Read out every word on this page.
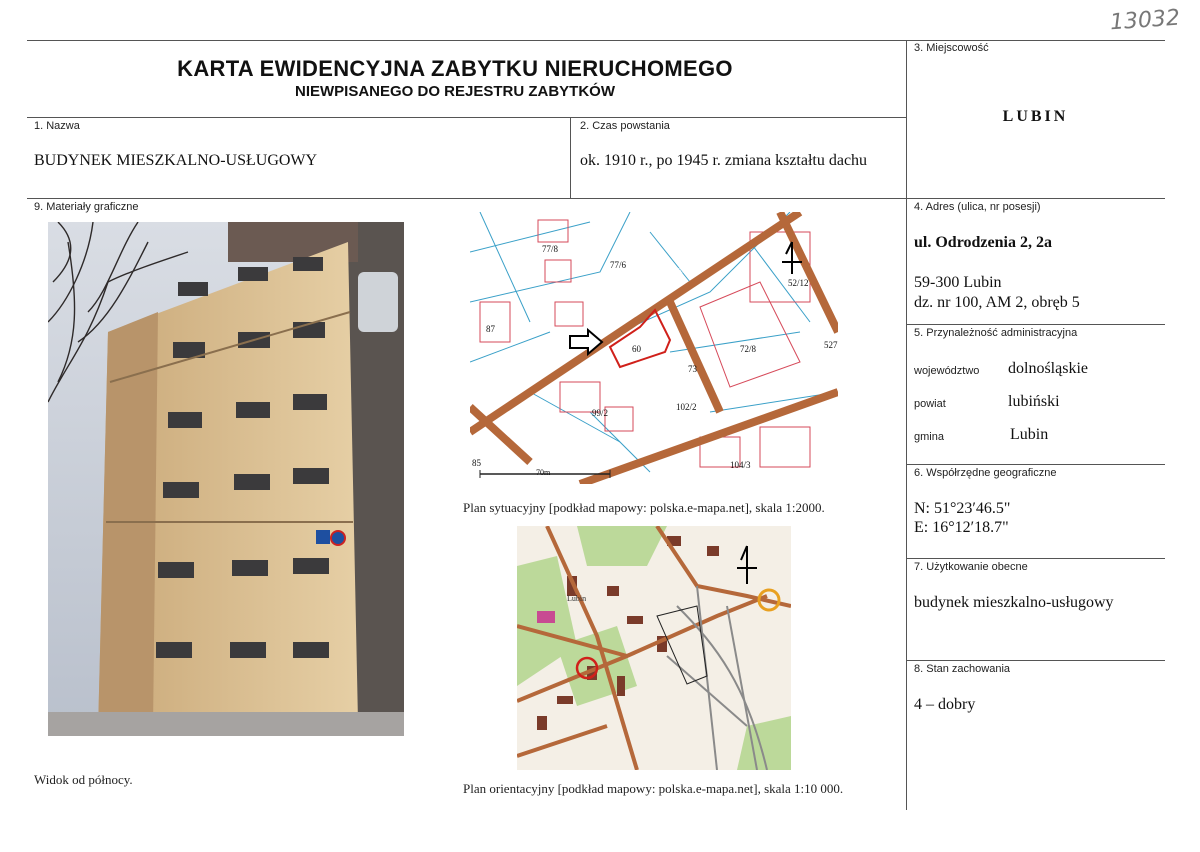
13032
KARTA EWIDENCYJNA ZABYTKU NIERUCHOMEGO
NIEWPISANEGO DO REJESTRU ZABYTKÓW
3. Miejscowość
LUBIN
1. Nazwa
BUDYNEK MIESZKALNO-USŁUGOWY
2. Czas powstania
ok. 1910 r., po 1945 r. zmiana kształtu dachu
9. Materiały graficzne	4. Adres (ulica, nr posesji)
ul. Odrodzenia 2, 2a
59-300 Lubin
dz. nr 100, AM 2, obręb 5
5. Przynależność administracyjna
województwo dolnośląskie
powiat	lubiński
gmina	Lubin
6. Współrzędne geograficzne
N: 51°23′46.5"
E: 16°12′18.7"
7. Użytkowanie obecne
budynek mieszkalno-usługowy
8. Stan zachowania
4 – dobry
Widok od północy.
77/8
77/6
87
72/8
99/2
102/2
104/3
52/12
527
73
60
85
Odrodzenia
Bolesława Prusa
70m
Plan sytuacyjny [podkład mapowy: polska.e-mapa.net], skala 1:2000.
Lubin
Plan orientacyjny [podkład mapowy: polska.e-mapa.net], skala 1:10 000.
